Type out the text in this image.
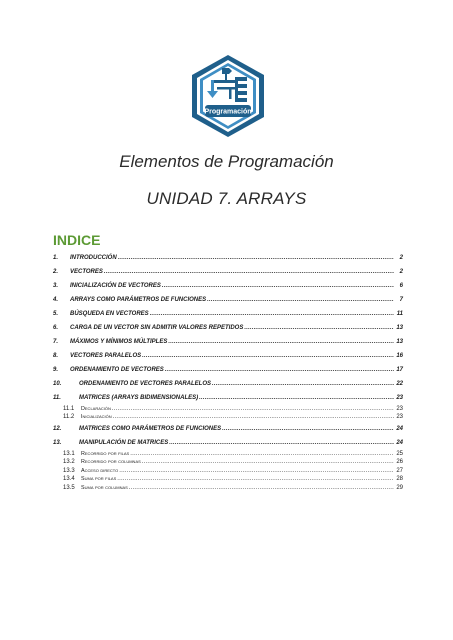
Programación
Elementos de Programación
UNIDAD 7. ARRAYS
INDICE
1.	INTRODUCCIÓN .....	2
2.	VECTORES .....	2
3.	INICIALIZACIÓN DE VECTORES .....	6
4.	ARRAYS COMO PARÁMETROS DE FUNCIONES .....	7
5.	BÚSQUEDA EN VECTORES .....	11
6.	CARGA DE UN VECTOR SIN ADMITIR VALORES REPETIDOS .....	13
7.	MÁXIMOS Y MÍNIMOS MÚLTIPLES .....	13
8.	VECTORES PARALELOS .....	16
9.	ORDENAMIENTO DE VECTORES .....	17
10.	ORDENAMIENTO DE VECTORES PARALELOS .....	22
11.	MATRICES (ARRAYS BIDIMENSIONALES) .....	23
11.1	Declaración .....	23
11.2	Inicialización .....	23
12.	MATRICES COMO PARÁMETROS DE FUNCIONES .....	24
13.	MANIPULACIÓN DE MATRICES .....	24
13.1	Recorrido por filas .....	25
13.2	Recorrido por columnas .....	26
13.3	Acceso directo .....	27
13.4	Suma por filas .....	28
13.5	Suma por columnas .....	29
